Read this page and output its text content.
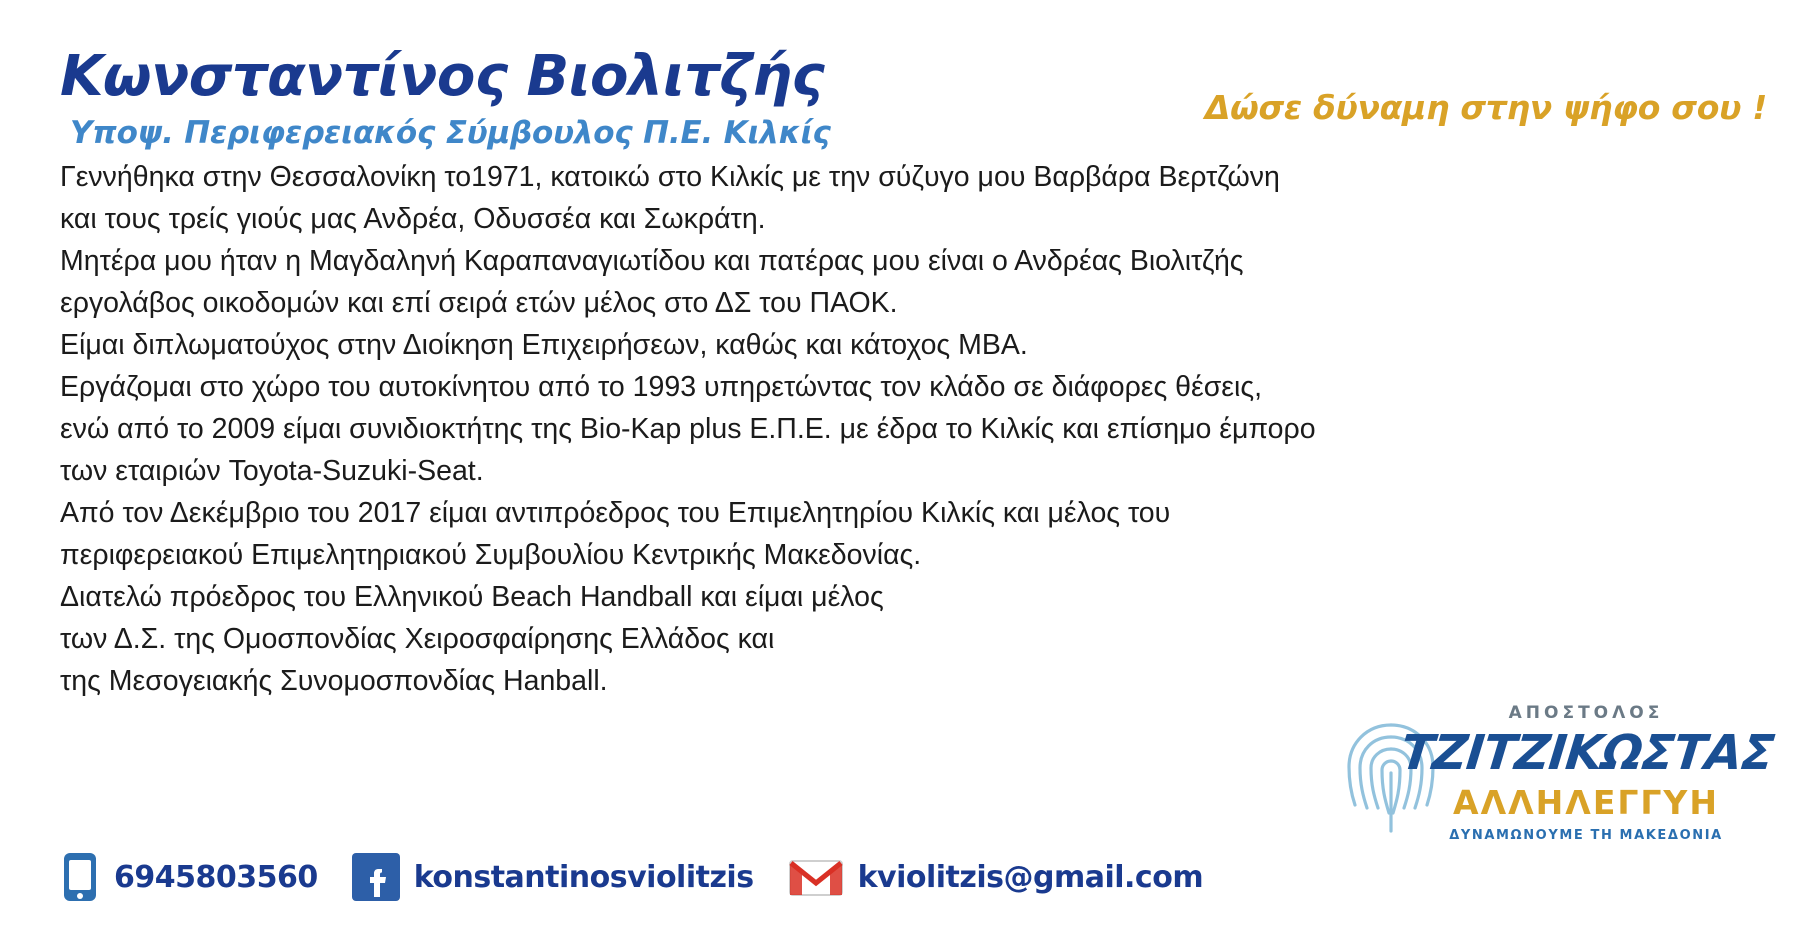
Κωνσταντίνος Βιολιτζής
Υποψ. Περιφερειακός Σύμβουλος Π.Ε. Κιλκίς
Δώσε δύναμη στην ψήφο σου !

Γεννήθηκα στην Θεσσαλονίκη το1971, κατοικώ στο Κιλκίς με την σύζυγο μου Βαρβάρα Βερτζώνη

και τους τρείς γιούς μας Ανδρέα, Οδυσσέα και Σωκράτη.

Μητέρα μου ήταν η Μαγδαληνή Καραπαναγιωτίδου και πατέρας μου είναι ο Ανδρέας Βιολιτζής

εργολάβος οικοδομών και επί σειρά ετών μέλος στο ΔΣ του ΠΑΟΚ.

Είμαι διπλωματούχος στην Διοίκηση Επιχειρήσεων, καθώς και κάτοχος MBA.

Εργάζομαι στο χώρο του αυτοκίνητου από το 1993 υπηρετώντας τον κλάδο σε διάφορες θέσεις,

ενώ από το 2009 είμαι συνιδιοκτήτης της Bio-Kap plus Ε.Π.Ε. με έδρα το Κιλκίς και επίσημο έμπορο

των εταιριών Toyota-Suzuki-Seat.

Από τον Δεκέμβριο του 2017 είμαι αντιπρόεδρος του Επιμελητηρίου Κιλκίς και μέλος του

περιφερειακού Επιμελητηριακού Συμβουλίου Κεντρικής Μακεδονίας.

Διατελώ πρόεδρος του Ελληνικού Beach Handball και είμαι μέλος

των Δ.Σ. της Ομοσπονδίας Χειροσφαίρησης Ελλάδος και

της Μεσογειακής Συνομοσπονδίας Hanball.

ΑΠΟΣΤΟΛΟΣ
ΤΖΙΤΖΙΚΩΣΤΑΣ
ΑΛΛΗΛΕΓΓΥΗ
ΔΥΝΑΜΩΝΟΥΜΕ ΤΗ ΜΑΚΕΔΟΝΙΑ
6945803560	konstantinosviolitzis	kviolitzis@gmail.com
